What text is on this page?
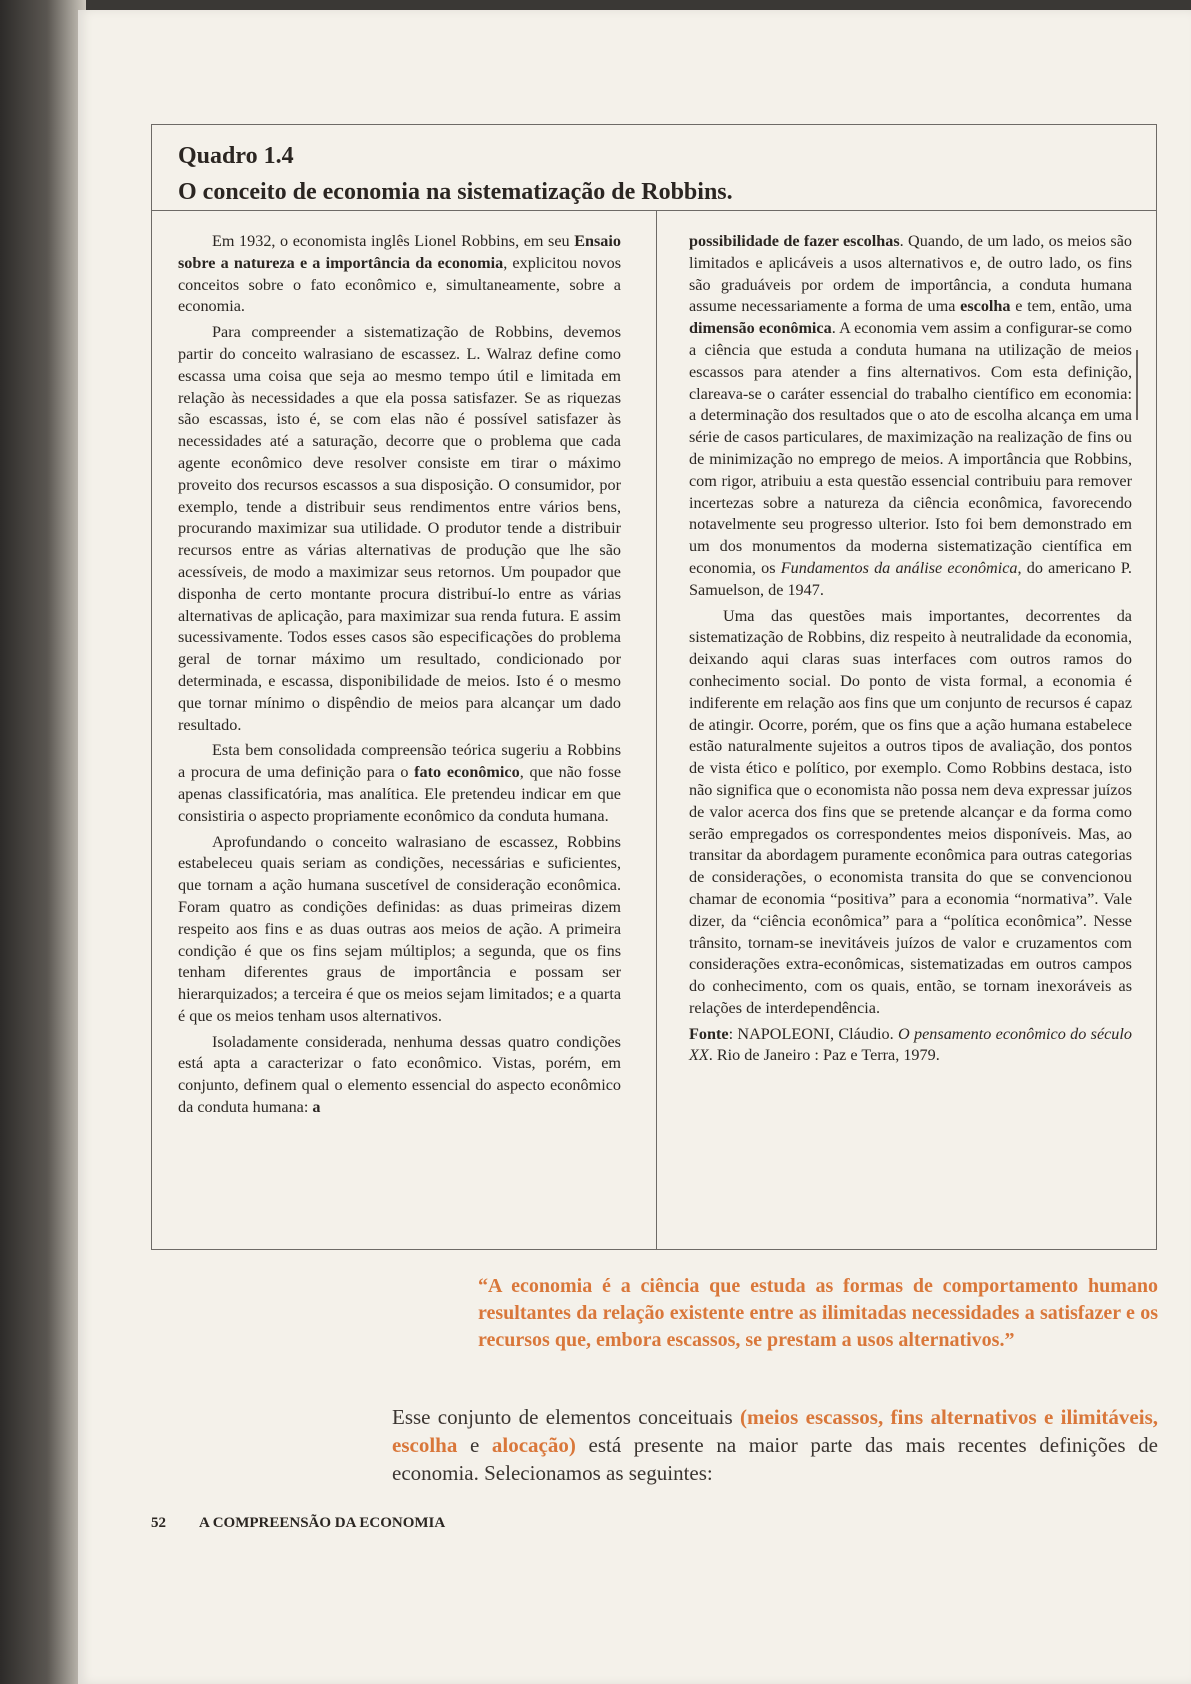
Quadro 1.4
O conceito de economia na sistematização de Robbins.

Em 1932, o economista inglês Lionel Robbins, em seu Ensaio sobre a natureza e a importância da economia, explicitou novos conceitos sobre o fato econômico e, simultaneamente, sobre a economia.

Para compreender a sistematização de Robbins, devemos partir do conceito walrasiano de escassez. L. Walraz define como escassa uma coisa que seja ao mesmo tempo útil e limitada em relação às necessidades a que ela possa satisfazer. Se as riquezas são escassas, isto é, se com elas não é possível satisfazer às necessidades até a saturação, decorre que o problema que cada agente econômico deve resolver consiste em tirar o máximo proveito dos recursos escassos a sua disposição. O consumidor, por exemplo, tende a distribuir seus rendimentos entre vários bens, procurando maximizar sua utilidade. O produtor tende a distribuir recursos entre as várias alternativas de produção que lhe são acessíveis, de modo a maximizar seus retornos. Um poupador que disponha de certo montante procura distribuí-lo entre as várias alternativas de aplicação, para maximizar sua renda futura. E assim sucessivamente. Todos esses casos são especificações do problema geral de tornar máximo um resultado, condicionado por determinada, e escassa, disponibilidade de meios. Isto é o mesmo que tornar mínimo o dispêndio de meios para alcançar um dado resultado.

Esta bem consolidada compreensão teórica sugeriu a Robbins a procura de uma definição para o fato econômico, que não fosse apenas classificatória, mas analítica. Ele pretendeu indicar em que consistiria o aspecto propriamente econômico da conduta humana.

Aprofundando o conceito walrasiano de escassez, Robbins estabeleceu quais seriam as condições, necessárias e suficientes, que tornam a ação humana suscetível de consideração econômica. Foram quatro as condições definidas: as duas primeiras dizem respeito aos fins e as duas outras aos meios de ação. A primeira condição é que os fins sejam múltiplos; a segunda, que os fins tenham diferentes graus de importância e possam ser hierarquizados; a terceira é que os meios sejam limitados; e a quarta é que os meios tenham usos alternativos.

Isoladamente considerada, nenhuma dessas quatro condições está apta a caracterizar o fato econômico. Vistas, porém, em conjunto, definem qual o elemento essencial do aspecto econômico da conduta humana: a

possibilidade de fazer escolhas. Quando, de um lado, os meios são limitados e aplicáveis a usos alternativos e, de outro lado, os fins são graduáveis por ordem de importância, a conduta humana assume necessariamente a forma de uma escolha e tem, então, uma dimensão econômica. A economia vem assim a configurar-se como a ciência que estuda a conduta humana na utilização de meios escassos para atender a fins alternativos. Com esta definição, clareava-se o caráter essencial do trabalho científico em economia: a determinação dos resultados que o ato de escolha alcança em uma série de casos particulares, de maximização na realização de fins ou de minimização no emprego de meios. A importância que Robbins, com rigor, atribuiu a esta questão essencial contribuiu para remover incertezas sobre a natureza da ciência econômica, favorecendo notavelmente seu progresso ulterior. Isto foi bem demonstrado em um dos monumentos da moderna sistematização científica em economia, os Fundamentos da análise econômica, do americano P. Samuelson, de 1947.

Uma das questões mais importantes, decorrentes da sistematização de Robbins, diz respeito à neutralidade da economia, deixando aqui claras suas interfaces com outros ramos do conhecimento social. Do ponto de vista formal, a economia é indiferente em relação aos fins que um conjunto de recursos é capaz de atingir. Ocorre, porém, que os fins que a ação humana estabelece estão naturalmente sujeitos a outros tipos de avaliação, dos pontos de vista ético e político, por exemplo. Como Robbins destaca, isto não significa que o economista não possa nem deva expressar juízos de valor acerca dos fins que se pretende alcançar e da forma como serão empregados os correspondentes meios disponíveis. Mas, ao transitar da abordagem puramente econômica para outras categorias de considerações, o economista transita do que se convencionou chamar de economia “positiva” para a economia “normativa”. Vale dizer, da “ciência econômica” para a “política econômica”. Nesse trânsito, tornam-se inevitáveis juízos de valor e cruzamentos com considerações extra-econômicas, sistematizadas em outros campos do conhecimento, com os quais, então, se tornam inexoráveis as relações de interdependência.

Fonte: NAPOLEONI, Cláudio. O pensamento econômico do século XX. Rio de Janeiro : Paz e Terra, 1979.

“A economia é a ciência que estuda as formas de comportamento humano resultantes da relação existente entre as ilimitadas necessidades a satisfazer e os recursos que, embora escassos, se prestam a usos alternativos.”
Esse conjunto de elementos conceituais (meios escassos, fins alternativos e ilimitáveis, escolha e alocação) está presente na maior parte das mais recentes definições de economia. Selecionamos as seguintes:
52 A COMPREENSÃO DA ECONOMIA
